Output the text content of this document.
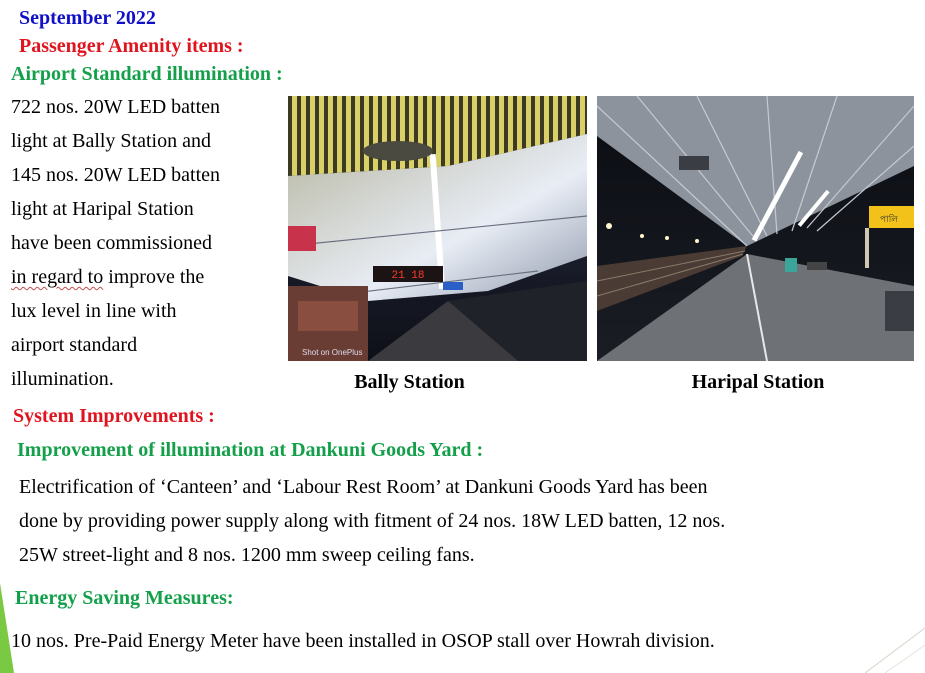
September 2022
Passenger Amenity items :
Airport Standard illumination :
722 nos. 20W LED batten
light at Bally Station and
145 nos. 20W LED batten
light at Haripal Station
have been commissioned
in regard to improve the
lux level in line with
airport standard
illumination.
21 18
Shot on OnePlus
পালি
Bally Station	Haripal Station
System Improvements :
Improvement of illumination at Dankuni Goods Yard :
Electrification of ‘Canteen’ and ‘Labour Rest Room’ at Dankuni Goods Yard has been
done by providing power supply along with fitment of 24 nos. 18W LED batten, 12 nos.
25W street-light and 8 nos. 1200 mm sweep ceiling fans.
Energy Saving Measures:
10 nos. Pre-Paid Energy Meter have been installed in OSOP stall over Howrah division.
